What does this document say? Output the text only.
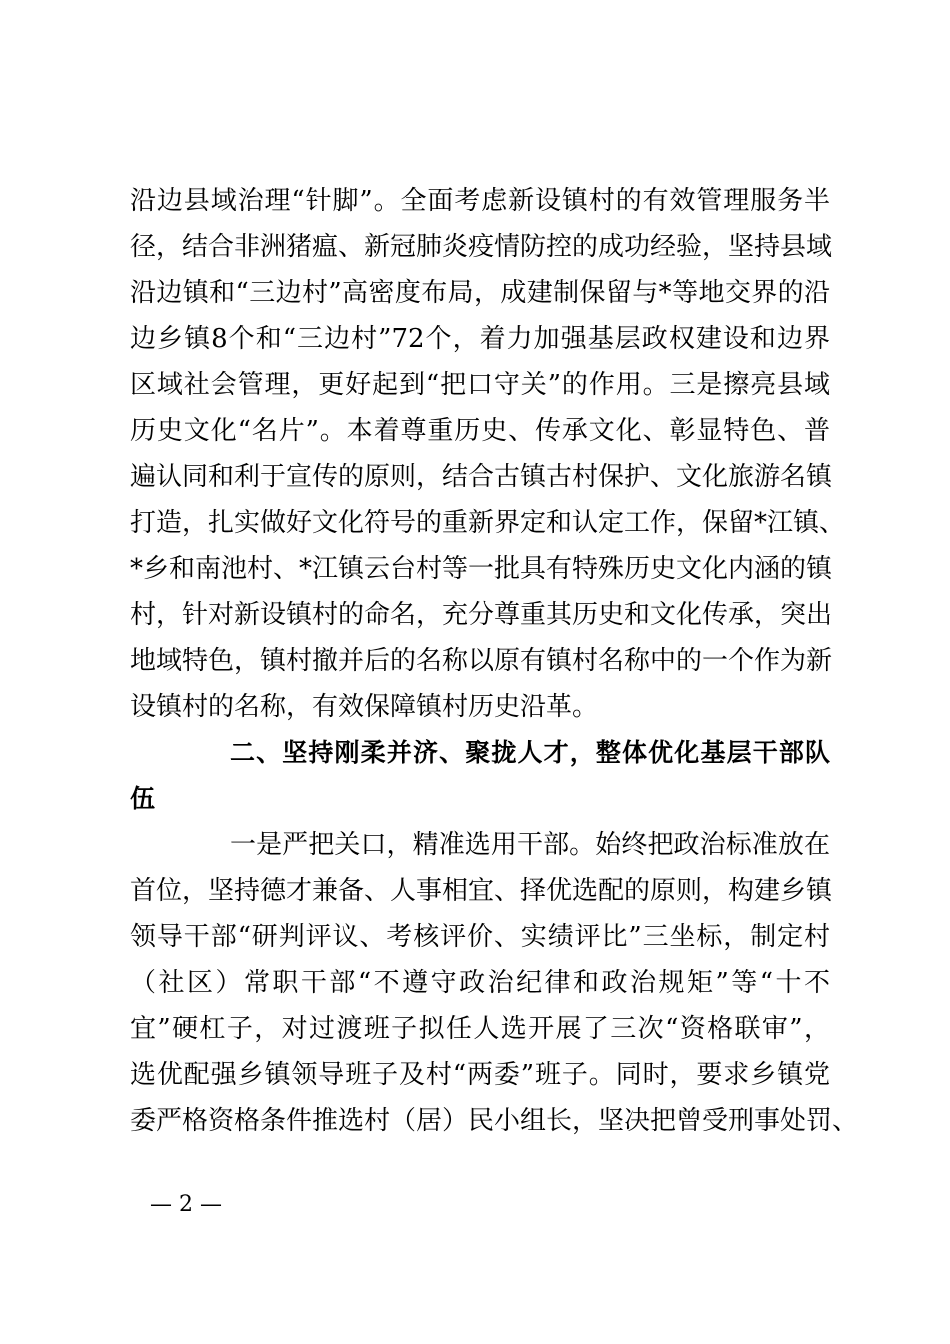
沿边县域治理“针脚”。全面考虑新设镇村的有效管理服务半
径，结合非洲猪瘟、新冠肺炎疫情防控的成功经验，坚持县域
沿边镇和“三边村”高密度布局，成建制保留与*等地交界的沿
边乡镇8个和“三边村”72个，着力加强基层政权建设和边界
区域社会管理，更好起到“把口守关”的作用。三是擦亮县域
历史文化“名片”。本着尊重历史、传承文化、彰显特色、普
遍认同和利于宣传的原则，结合古镇古村保护、文化旅游名镇
打造，扎实做好文化符号的重新界定和认定工作，保留*江镇、
*乡和南池村、*江镇云台村等一批具有特殊历史文化内涵的镇
村，针对新设镇村的命名，充分尊重其历史和文化传承，突出
地域特色，镇村撤并后的名称以原有镇村名称中的一个作为新
设镇村的名称，有效保障镇村历史沿革。
二、坚持刚柔并济、聚拢人才，整体优化基层干部队
伍
一是严把关口，精准选用干部。始终把政治标准放在
首位，坚持德才兼备、人事相宜、择优选配的原则，构建乡镇
领导干部“研判评议、考核评价、实绩评比”三坐标，制定村
（社区）常职干部“不遵守政治纪律和政治规矩”等“十不
宜”硬杠子，对过渡班子拟任人选开展了三次“资格联审”，
选优配强乡镇领导班子及村“两委”班子。同时，要求乡镇党
委严格资格条件推选村（居）民小组长，坚决把曾受刑事处罚、
— 2 —
